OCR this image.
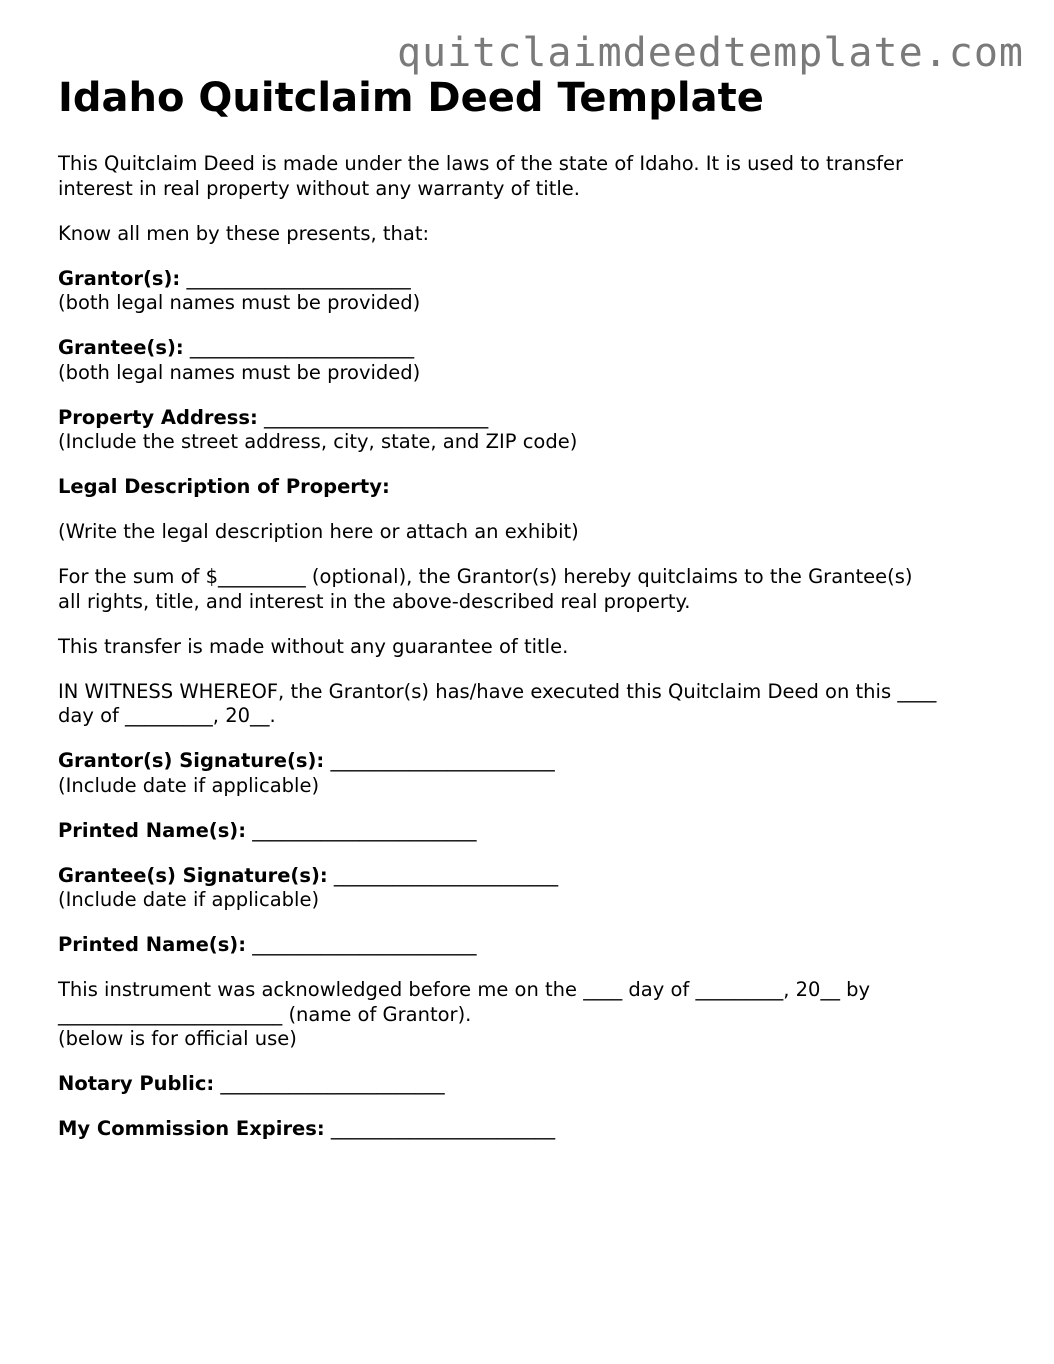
quitclaimdeedtemplate.com
Idaho Quitclaim Deed Template

This Quitclaim Deed is made under the laws of the state of Idaho. It is used to transfer
interest in real property without any warranty of title.

Know all men by these presents, that:

Grantor(s): _______________________
(both legal names must be provided)

Grantee(s): _______________________
(both legal names must be provided)

Property Address: _______________________
(Include the street address, city, state, and ZIP code)

Legal Description of Property:

(Write the legal description here or attach an exhibit)

For the sum of $_________ (optional), the Grantor(s) hereby quitclaims to the Grantee(s)
all rights, title, and interest in the above-described real property.

This transfer is made without any guarantee of title.

IN WITNESS WHEREOF, the Grantor(s) has/have executed this Quitclaim Deed on this ____
day of _________, 20__.

Grantor(s) Signature(s): _______________________
(Include date if applicable)

Printed Name(s): _______________________

Grantee(s) Signature(s): _______________________
(Include date if applicable)

Printed Name(s): _______________________

This instrument was acknowledged before me on the ____ day of _________, 20__ by
_______________________ (name of Grantor).
(below is for official use)

Notary Public: _______________________

My Commission Expires: _______________________
